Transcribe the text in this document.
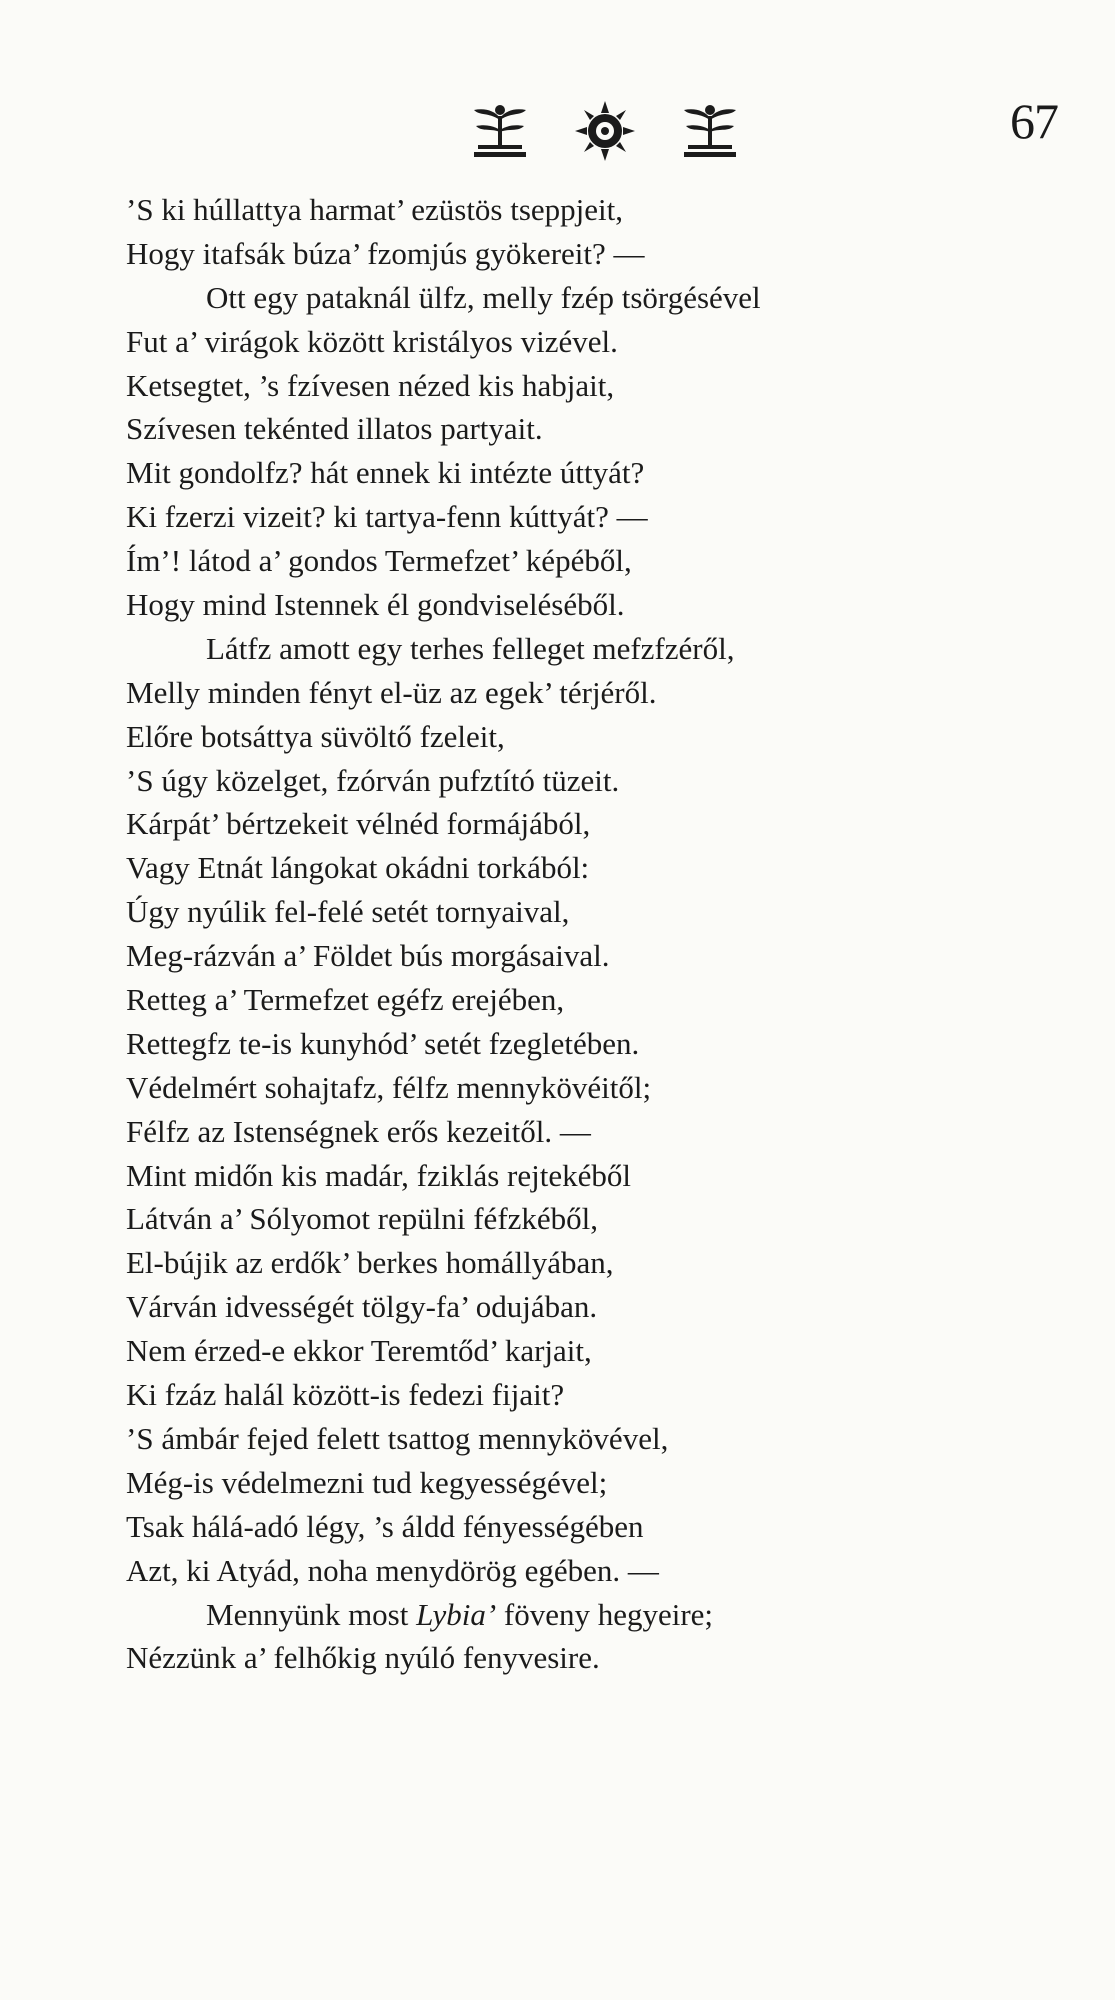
67
’S ki húllattya harmat’ ezüstös tseppjeit,
Hogy itafsák búza’ fzomjús gyökereit? —
Ott egy pataknál ülfz, melly fzép tsörgésével
Fut a’ virágok között kristályos vizével.
Ketsegtet, ’s fzívesen nézed kis habjait,
Szívesen tekénted illatos partyait.
Mit gondolfz? hát ennek ki intézte úttyát?
Ki fzerzi vizeit? ki tartya-fenn kúttyát? —
Ím’! látod a’ gondos Termefzet’ képéből,
Hogy mind Istennek él gondviseléséből.
Látfz amott egy terhes felleget mefzfzéről,
Melly minden fényt el-üz az egek’ térjéről.
Előre botsáttya süvöltő fzeleit,
’S úgy közelget, fzórván pufztító tüzeit.
Kárpát’ bértzekeit vélnéd formájából,
Vagy Etnát lángokat okádni torkából:
Úgy nyúlik fel-felé setét tornyaival,
Meg-rázván a’ Földet bús morgásaival.
Retteg a’ Termefzet egéfz erejében,
Rettegfz te-is kunyhód’ setét fzegletében.
Védelmért sohajtafz, félfz mennykövéitől;
Félfz az Istenségnek erős kezeitől. —
Mint midőn kis madár, fziklás rejtekéből
Látván a’ Sólyomot repülni féfzkéből,
El-bújik az erdők’ berkes homállyában,
Várván idvességét tölgy-fa’ odujában.
Nem érzed-e ekkor Teremtőd’ karjait,
Ki fzáz halál között-is fedezi fijait?
’S ámbár fejed felett tsattog mennykövével,
Még-is védelmezni tud kegyességével;
Tsak hálá-adó légy, ’s áldd fényességében
Azt, ki Atyád, noha menydörög egében. —
Mennyünk most Lybia’ föveny hegyeire;
Nézzünk a’ felhőkig nyúló fenyvesire.
